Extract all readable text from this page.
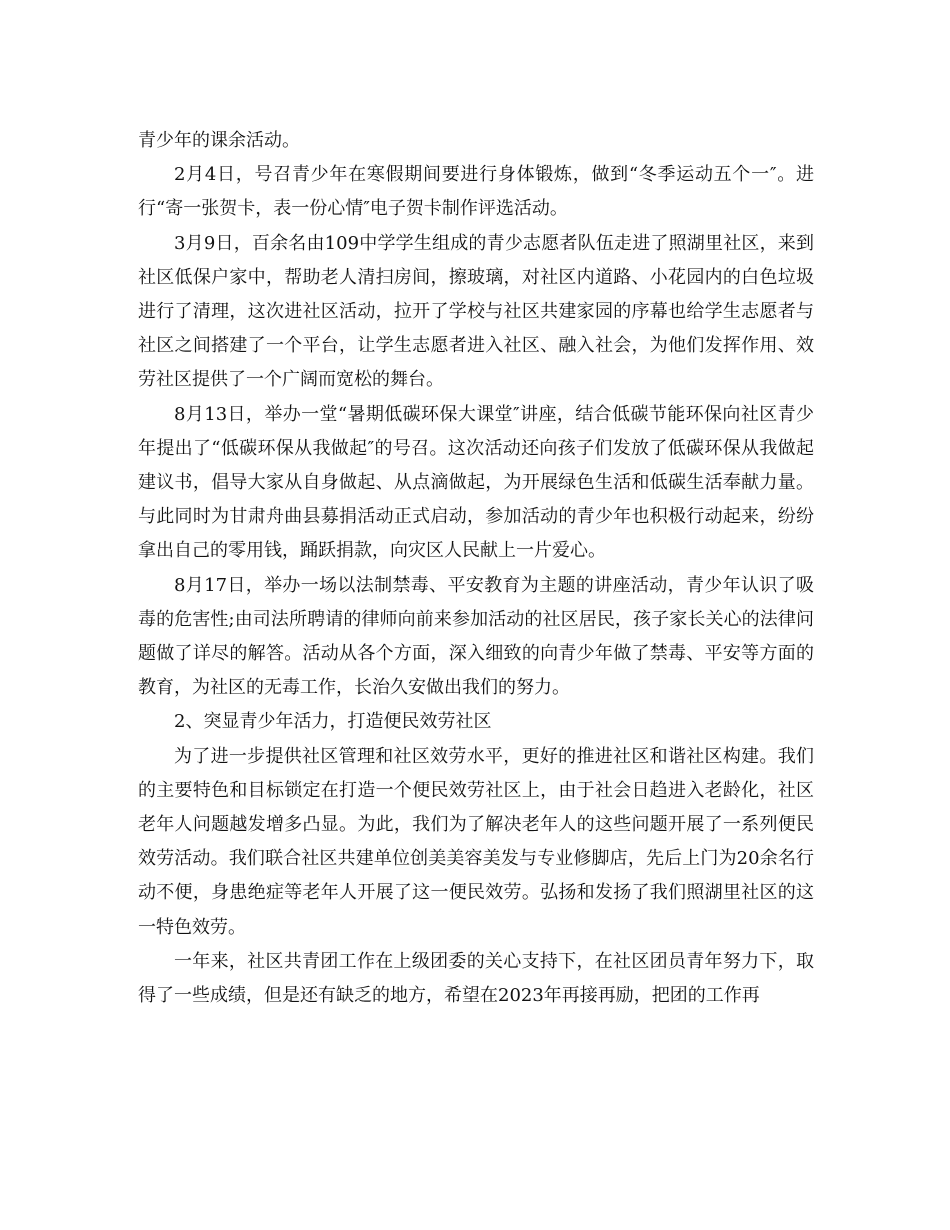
青少年的课余活动。

2月4日，号召青少年在寒假期间要进行身体锻炼，做到“冬季运动五个一″。进行“寄一张贺卡，表一份心情″电子贺卡制作评选活动。

3月9日，百余名由109中学学生组成的青少志愿者队伍走进了照湖里社区，来到社区低保户家中，帮助老人清扫房间，擦玻璃，对社区内道路、小花园内的白色垃圾进行了清理，这次进社区活动，拉开了学校与社区共建家园的序幕也给学生志愿者与社区之间搭建了一个平台，让学生志愿者进入社区、融入社会，为他们发挥作用、效劳社区提供了一个广阔而宽松的舞台。

8月13日，举办一堂“暑期低碳环保大课堂″讲座，结合低碳节能环保向社区青少年提出了“低碳环保从我做起″的号召。这次活动还向孩子们发放了低碳环保从我做起建议书，倡导大家从自身做起、从点滴做起，为开展绿色生活和低碳生活奉献力量。与此同时为甘肃舟曲县募捐活动正式启动，参加活动的青少年也积极行动起来，纷纷拿出自己的零用钱，踊跃捐款，向灾区人民献上一片爱心。

8月17日，举办一场以法制禁毒、平安教育为主题的讲座活动，青少年认识了吸毒的危害性;由司法所聘请的律师向前来参加活动的社区居民，孩子家长关心的法律问题做了详尽的解答。活动从各个方面，深入细致的向青少年做了禁毒、平安等方面的教育，为社区的无毒工作，长治久安做出我们的努力。

2、突显青少年活力，打造便民效劳社区

为了进一步提供社区管理和社区效劳水平，更好的推进社区和谐社区构建。我们的主要特色和目标锁定在打造一个便民效劳社区上，由于社会日趋进入老龄化，社区老年人问题越发增多凸显。为此，我们为了解决老年人的这些问题开展了一系列便民效劳活动。我们联合社区共建单位创美美容美发与专业修脚店，先后上门为20余名行动不便，身患绝症等老年人开展了这一便民效劳。弘扬和发扬了我们照湖里社区的这一特色效劳。

一年来，社区共青团工作在上级团委的关心支持下，在社区团员青年努力下，取得了一些成绩，但是还有缺乏的地方，希望在2023年再接再励，把团的工作再
